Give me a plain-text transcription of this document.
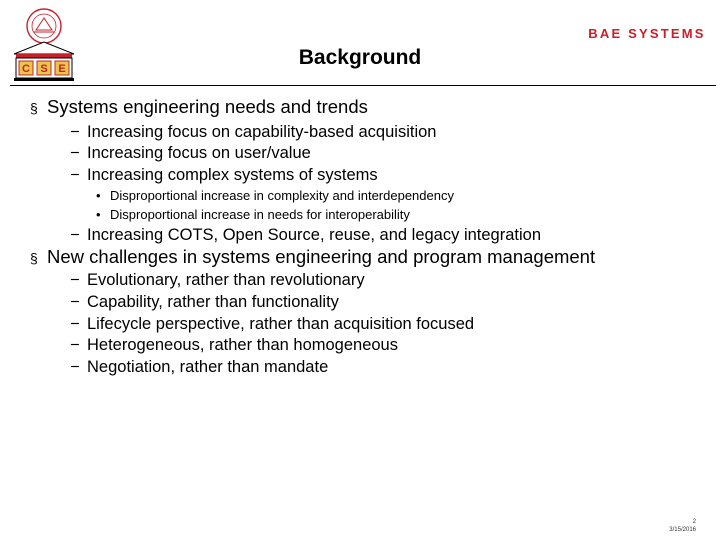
C S E
BAE SYSTEMS
Background
§ Systems engineering needs and trends
− Increasing focus on capability-based acquisition
− Increasing focus on user/value
− Increasing complex systems of systems
• Disproportional increase in complexity and interdependency
• Disproportional increase in needs for interoperability
− Increasing COTS, Open Source, reuse, and legacy integration
§ New challenges in systems engineering and program management
− Evolutionary, rather than revolutionary
− Capability, rather than functionality
− Lifecycle perspective, rather than acquisition focused
− Heterogeneous, rather than homogeneous
− Negotiation, rather than mandate
2
3/15/2016
